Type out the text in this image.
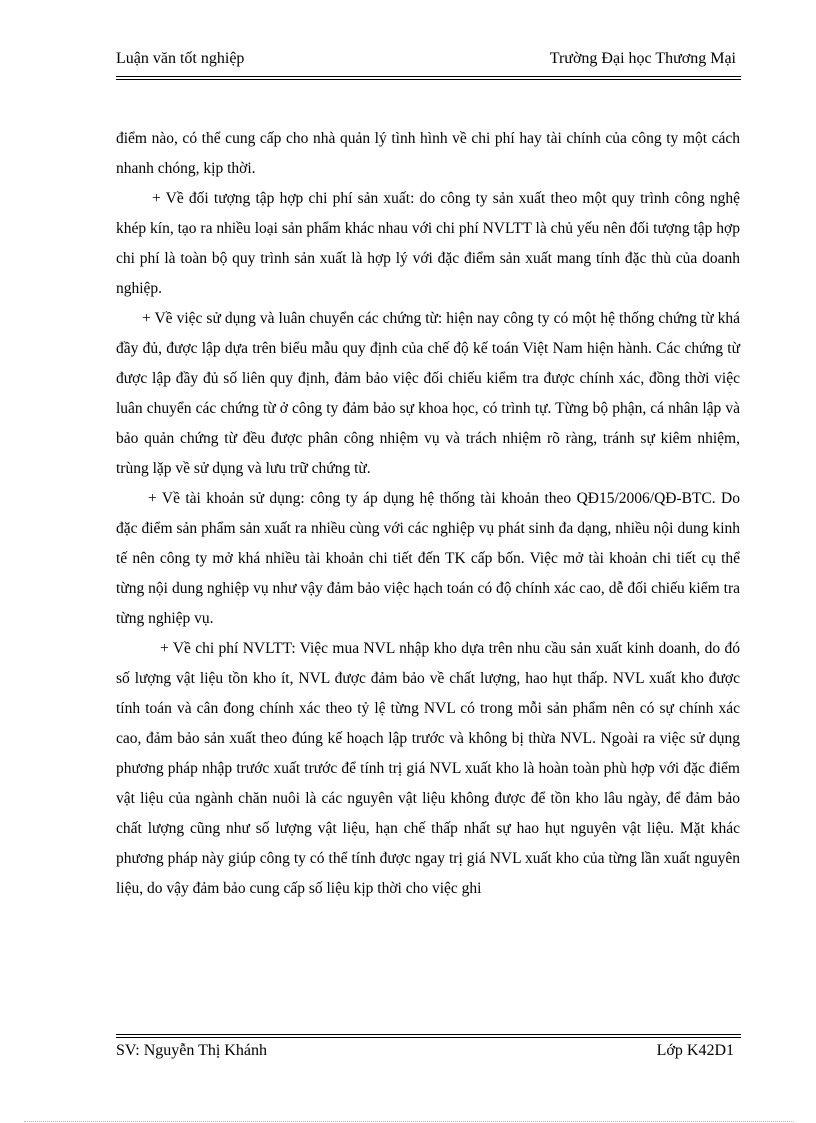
Luận văn tốt nghiệp	Trường Đại học Thương Mại

điểm nào, có thể cung cấp cho nhà quản lý tình hình về chi phí hay tài chính của công ty một cách nhanh chóng, kịp thời.

+ Về đối tượng tập hợp chi phí sản xuất: do công ty sản xuất theo một quy trình công nghệ khép kín, tạo ra nhiều loại sản phẩm khác nhau với chi phí NVLTT là chủ yếu nên đối tượng tập hợp chi phí là toàn bộ quy trình sản xuất là hợp lý với đặc điểm sản xuất mang tính đặc thù của doanh nghiệp.

+ Về việc sử dụng và luân chuyển các chứng từ: hiện nay công ty có một hệ thống chứng từ khá đầy đủ, được lập dựa trên biểu mẫu quy định của chế độ kế toán Việt Nam hiện hành. Các chứng từ được lập đầy đủ số liên quy định, đảm bảo việc đối chiếu kiểm tra được chính xác, đồng thời việc luân chuyển các chứng từ ở công ty đảm bảo sự khoa học, có trình tự. Từng bộ phận, cá nhân lập và bảo quản chứng từ đều được phân công nhiệm vụ và trách nhiệm rõ ràng, tránh sự kiêm nhiệm, trùng lặp về sử dụng và lưu trữ chứng từ.

+ Về tài khoản sử dụng: công ty áp dụng hệ thống tài khoản theo QĐ15/2006/QĐ-BTC. Do đặc điểm sản phẩm sản xuất ra nhiều cùng với các nghiệp vụ phát sinh đa dạng, nhiều nội dung kinh tế nên công ty mở khá nhiều tài khoản chi tiết đến TK cấp bốn. Việc mở tài khoản chi tiết cụ thể từng nội dung nghiệp vụ như vậy đảm bảo việc hạch toán có độ chính xác cao, dễ đối chiếu kiểm tra từng nghiệp vụ.

+ Về chi phí NVLTT: Việc mua NVL nhập kho dựa trên nhu cầu sản xuất kinh doanh, do đó số lượng vật liệu tồn kho ít, NVL được đảm bảo về chất lượng, hao hụt thấp. NVL xuất kho được tính toán và cân đong chính xác theo tỷ lệ từng NVL có trong mỗi sản phẩm nên có sự chính xác cao, đảm bảo sản xuất theo đúng kế hoạch lập trước và không bị thừa NVL. Ngoài ra việc sử dụng phương pháp nhập trước xuất trước để tính trị giá NVL xuất kho là hoàn toàn phù hợp với đặc điểm vật liệu của ngành chăn nuôi là các nguyên vật liệu không được để tồn kho lâu ngày, để đảm bảo chất lượng cũng như số lượng vật liệu, hạn chế thấp nhất sự hao hụt nguyên vật liệu. Mặt khác phương pháp này giúp công ty có thể tính được ngay trị giá NVL xuất kho của từng lần xuất nguyên liệu, do vậy đảm bảo cung cấp số liệu kịp thời cho việc ghi

SV: Nguyễn Thị Khánh	Lớp K42D1
